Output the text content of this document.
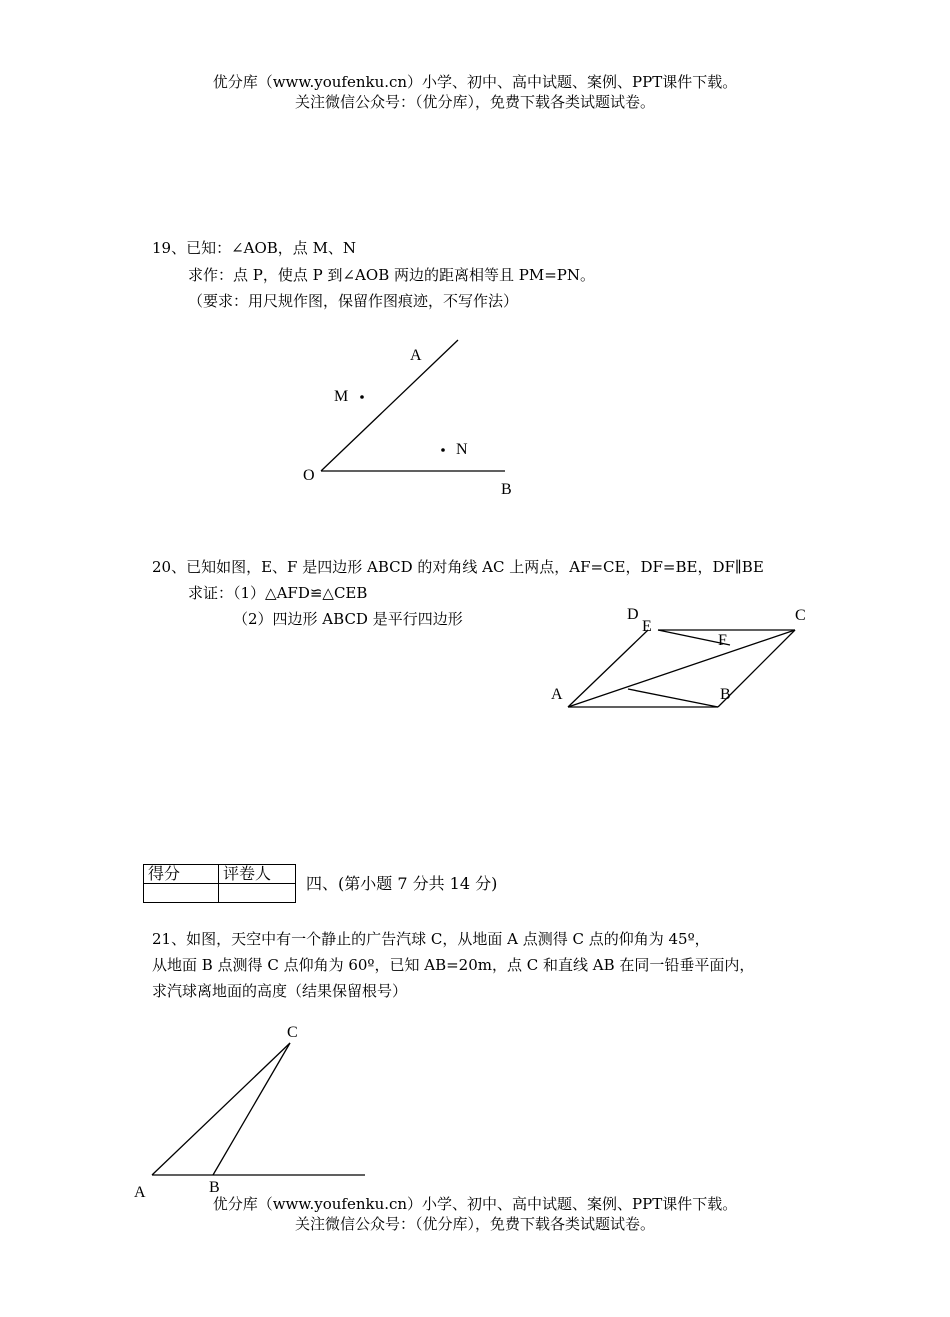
优分库（www.youfenku.cn）小学、初中、高中试题、案例、PPT课件下载。
关注微信公众号：（优分库），免费下载各类试题试卷。
19、已知：∠AOB，点 M、N
求作：点 P，使点 P 到∠AOB 两边的距离相等且 PM=PN。
（要求：用尺规作图，保留作图痕迹，不写作法）
A
M
N
O
B
20、已知如图，E、F 是四边形 ABCD 的对角线 AC 上两点，AF=CE，DF=BE，DF∥BE
求证：（1）△AFD≌△CEB
（2）四边形 ABCD 是平行四边形	D
E
C
F
A	B
得分	评卷人

四、(第小题 7 分共 14 分)
21、如图，天空中有一个静止的广告汽球 C，从地面 A 点测得 C 点的仰角为 45º，
从地面 B 点测得 C 点仰角为 60º，已知 AB=20m，点 C 和直线 AB 在同一铅垂平面内，
求汽球离地面的高度（结果保留根号）
C
A	B
优分库（www.youfenku.cn）小学、初中、高中试题、案例、PPT课件下载。
关注微信公众号：（优分库），免费下载各类试题试卷。
